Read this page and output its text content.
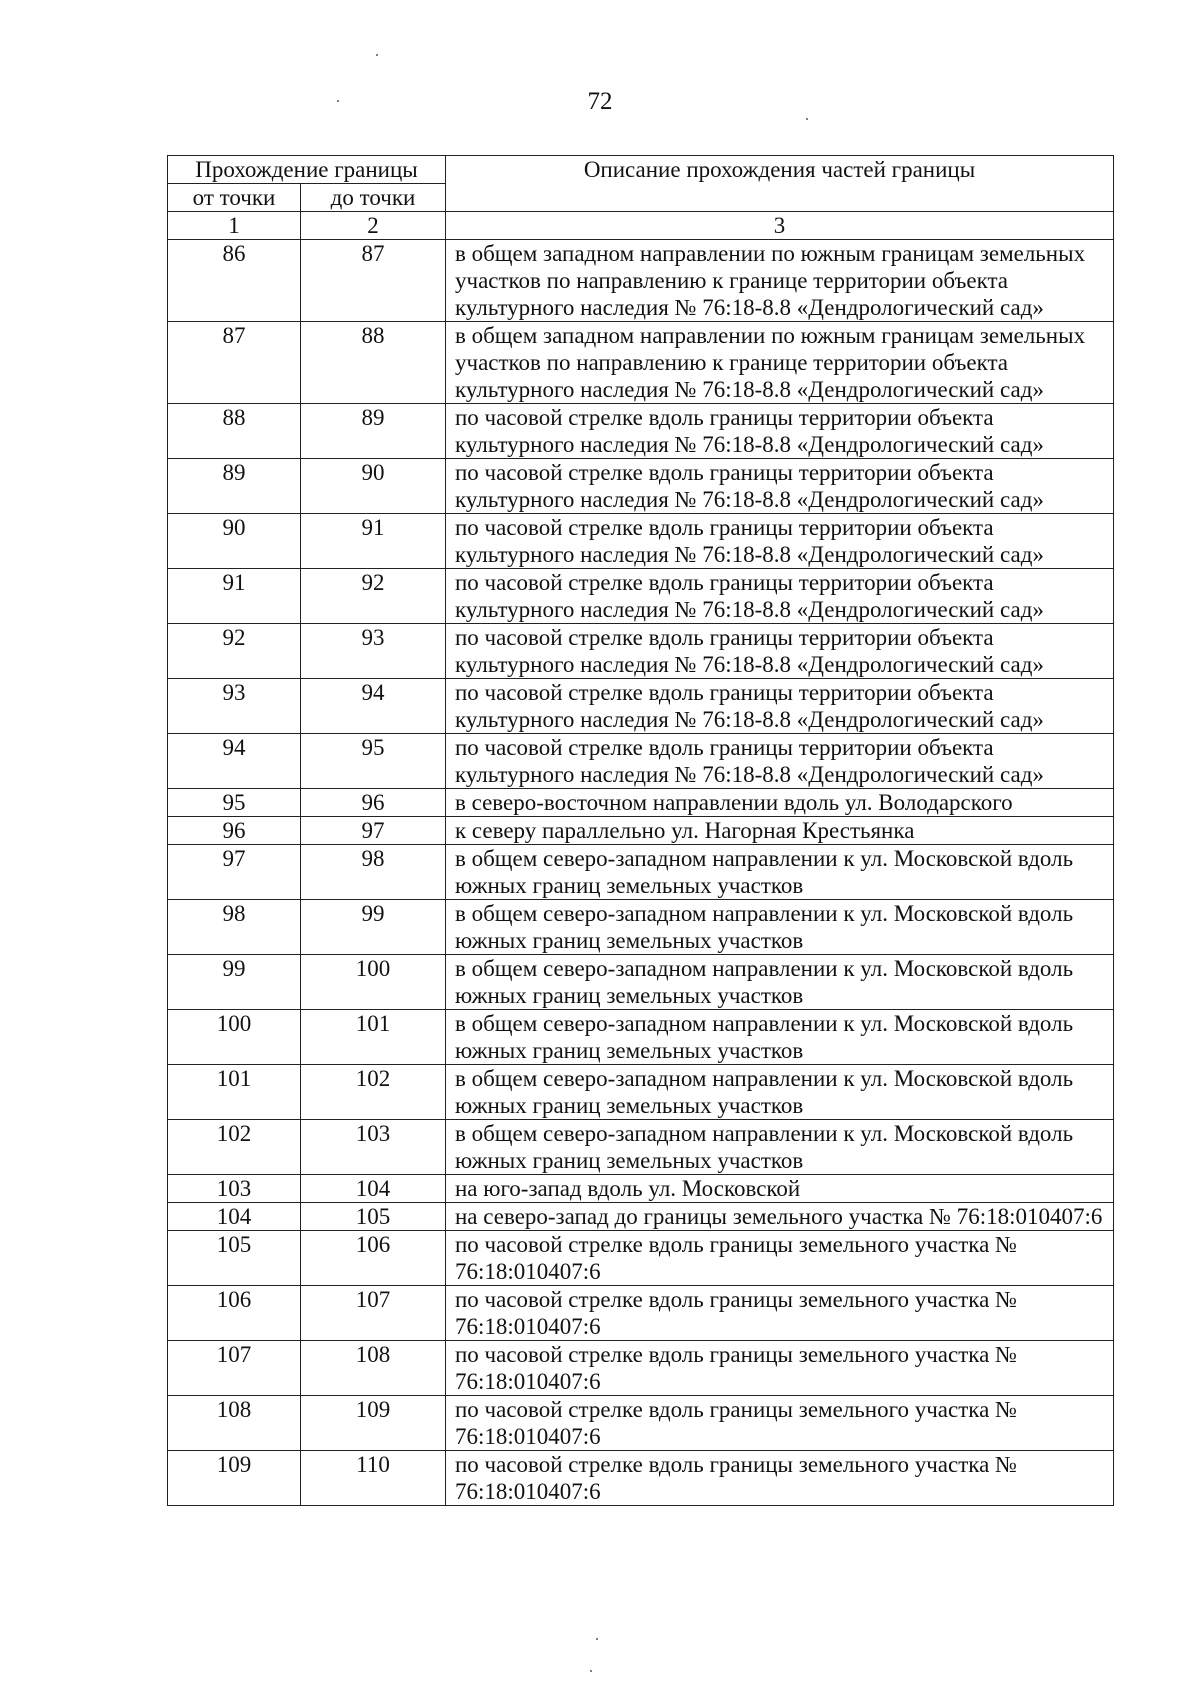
72
Прохождение границы		Описание прохождения частей границы
от точки	до точки	
1	2	3
86	87	в общем западном направлении по южным границам земельных участков по направлению к границе территории объекта культурного наследия № 76:18-8.8 «Дендрологический сад»
87	88	в общем западном направлении по южным границам земельных участков по направлению к границе территории объекта культурного наследия № 76:18-8.8 «Дендрологический сад»
88	89	по часовой стрелке вдоль границы территории объекта культурного наследия № 76:18-8.8 «Дендрологический сад»
89	90	по часовой стрелке вдоль границы территории объекта культурного наследия № 76:18-8.8 «Дендрологический сад»
90	91	по часовой стрелке вдоль границы территории объекта культурного наследия № 76:18-8.8 «Дендрологический сад»
91	92	по часовой стрелке вдоль границы территории объекта культурного наследия № 76:18-8.8 «Дендрологический сад»
92	93	по часовой стрелке вдоль границы территории объекта культурного наследия № 76:18-8.8 «Дендрологический сад»
93	94	по часовой стрелке вдоль границы территории объекта культурного наследия № 76:18-8.8 «Дендрологический сад»
94	95	по часовой стрелке вдоль границы территории объекта культурного наследия № 76:18-8.8 «Дендрологический сад»
95	96	в северо-восточном направлении вдоль ул. Володарского
96	97	к северу параллельно ул. Нагорная Крестьянка
97	98	в общем северо-западном направлении к ул. Московской вдоль южных границ земельных участков
98	99	в общем северо-западном направлении к ул. Московской вдоль южных границ земельных участков
99	100	в общем северо-западном направлении к ул. Московской вдоль южных границ земельных участков
100	101	в общем северо-западном направлении к ул. Московской вдоль южных границ земельных участков
101	102	в общем северо-западном направлении к ул. Московской вдоль южных границ земельных участков
102	103	в общем северо-западном направлении к ул. Московской вдоль южных границ земельных участков
103	104	на юго-запад вдоль ул. Московской
104	105	на северо-запад до границы земельного участка № 76:18:010407:6
105	106	по часовой стрелке вдоль границы земельного участка № 76:18:010407:6
106	107	по часовой стрелке вдоль границы земельного участка № 76:18:010407:6
107	108	по часовой стрелке вдоль границы земельного участка № 76:18:010407:6
108	109	по часовой стрелке вдоль границы земельного участка № 76:18:010407:6
109	110	по часовой стрелке вдоль границы земельного участка № 76:18:010407:6
